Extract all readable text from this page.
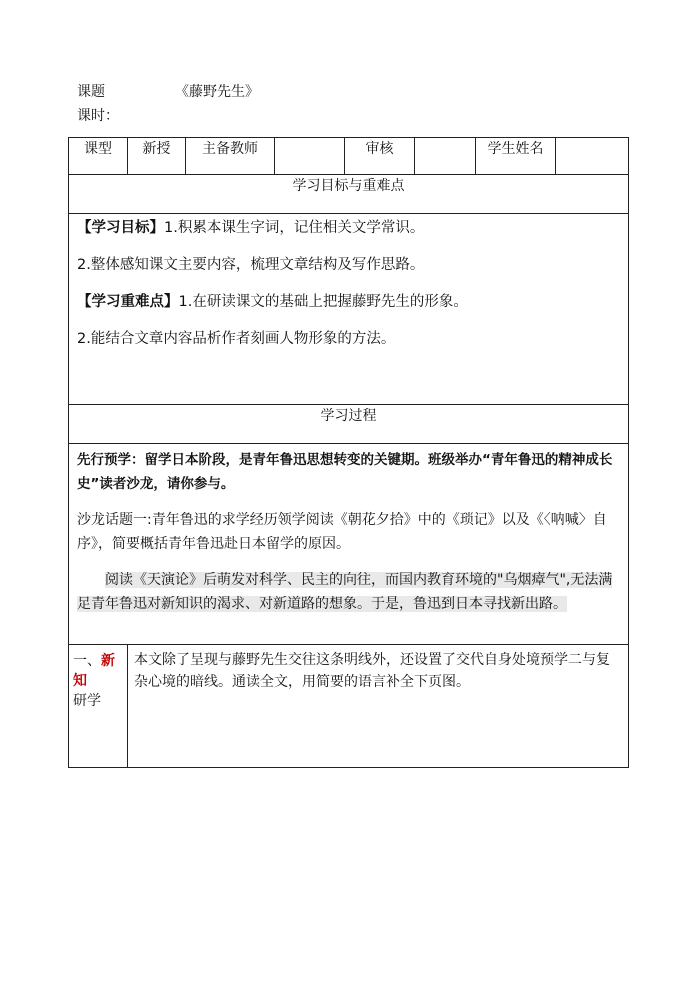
课题	《藤野先生》
课时：
课型	新授	主备教师		审核		学生姓名	
学习目标与重难点							

【学习目标】1.积累本课生字词，记住相关文学常识。

2.整体感知课文主要内容，梳理文章结构及写作思路。

【学习重难点】1.在研读课文的基础上把握藤野先生的形象。

2.能结合文章内容品析作者刻画人物形象的方法。							

学习过程							

先行预学：留学日本阶段，是青年鲁迅思想转变的关键期。班级举办“青年鲁迅的精神成长史”读者沙龙，请你参与。

沙龙话题一:青年鲁迅的求学经历领学阅读《朝花夕拾》中的《琐记》以及《〈呐喊〉自序》，简要概括青年鲁迅赴日本留学的原因。

阅读《天演论》后萌发对科学、民主的向往，而国内教育环境的"乌烟瘴气",无法满足青年鲁迅对新知识的渴求、对新道路的想象。于是，鲁迅到日本寻找新出路。							

一、新知
研学	本文除了呈现与藤野先生交往这条明线外，还设置了交代自身处境预学二与复杂心境的暗线。通读全文，用简要的语言补全下页图。						
